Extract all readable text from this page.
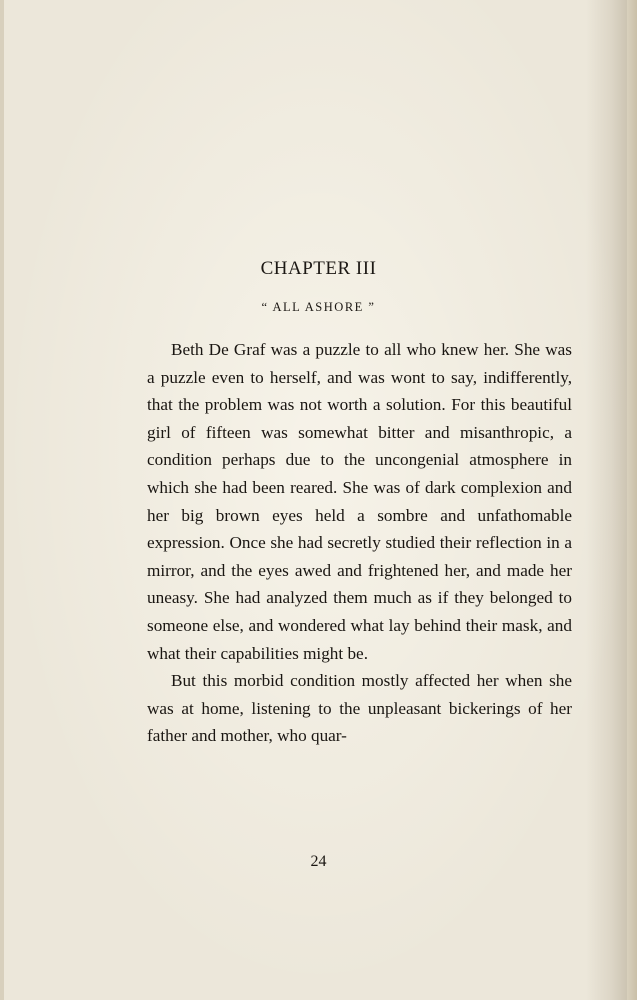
CHAPTER III
“ ALL ASHORE ”

Beth De Graf was a puzzle to all who knew her. She was a puzzle even to herself, and was wont to say, indifferently, that the problem was not worth a solution. For this beautiful girl of fifteen was somewhat bitter and misanthropic, a condition perhaps due to the uncongenial atmosphere in which she had been reared. She was of dark complexion and her big brown eyes held a sombre and unfathomable expression. Once she had secretly studied their reflection in a mirror, and the eyes awed and frightened her, and made her uneasy. She had analyzed them much as if they belonged to someone else, and wondered what lay behind their mask, and what their capabilities might be.

But this morbid condition mostly affected her when she was at home, listening to the unpleasant bickerings of her father and mother, who quar-

24
